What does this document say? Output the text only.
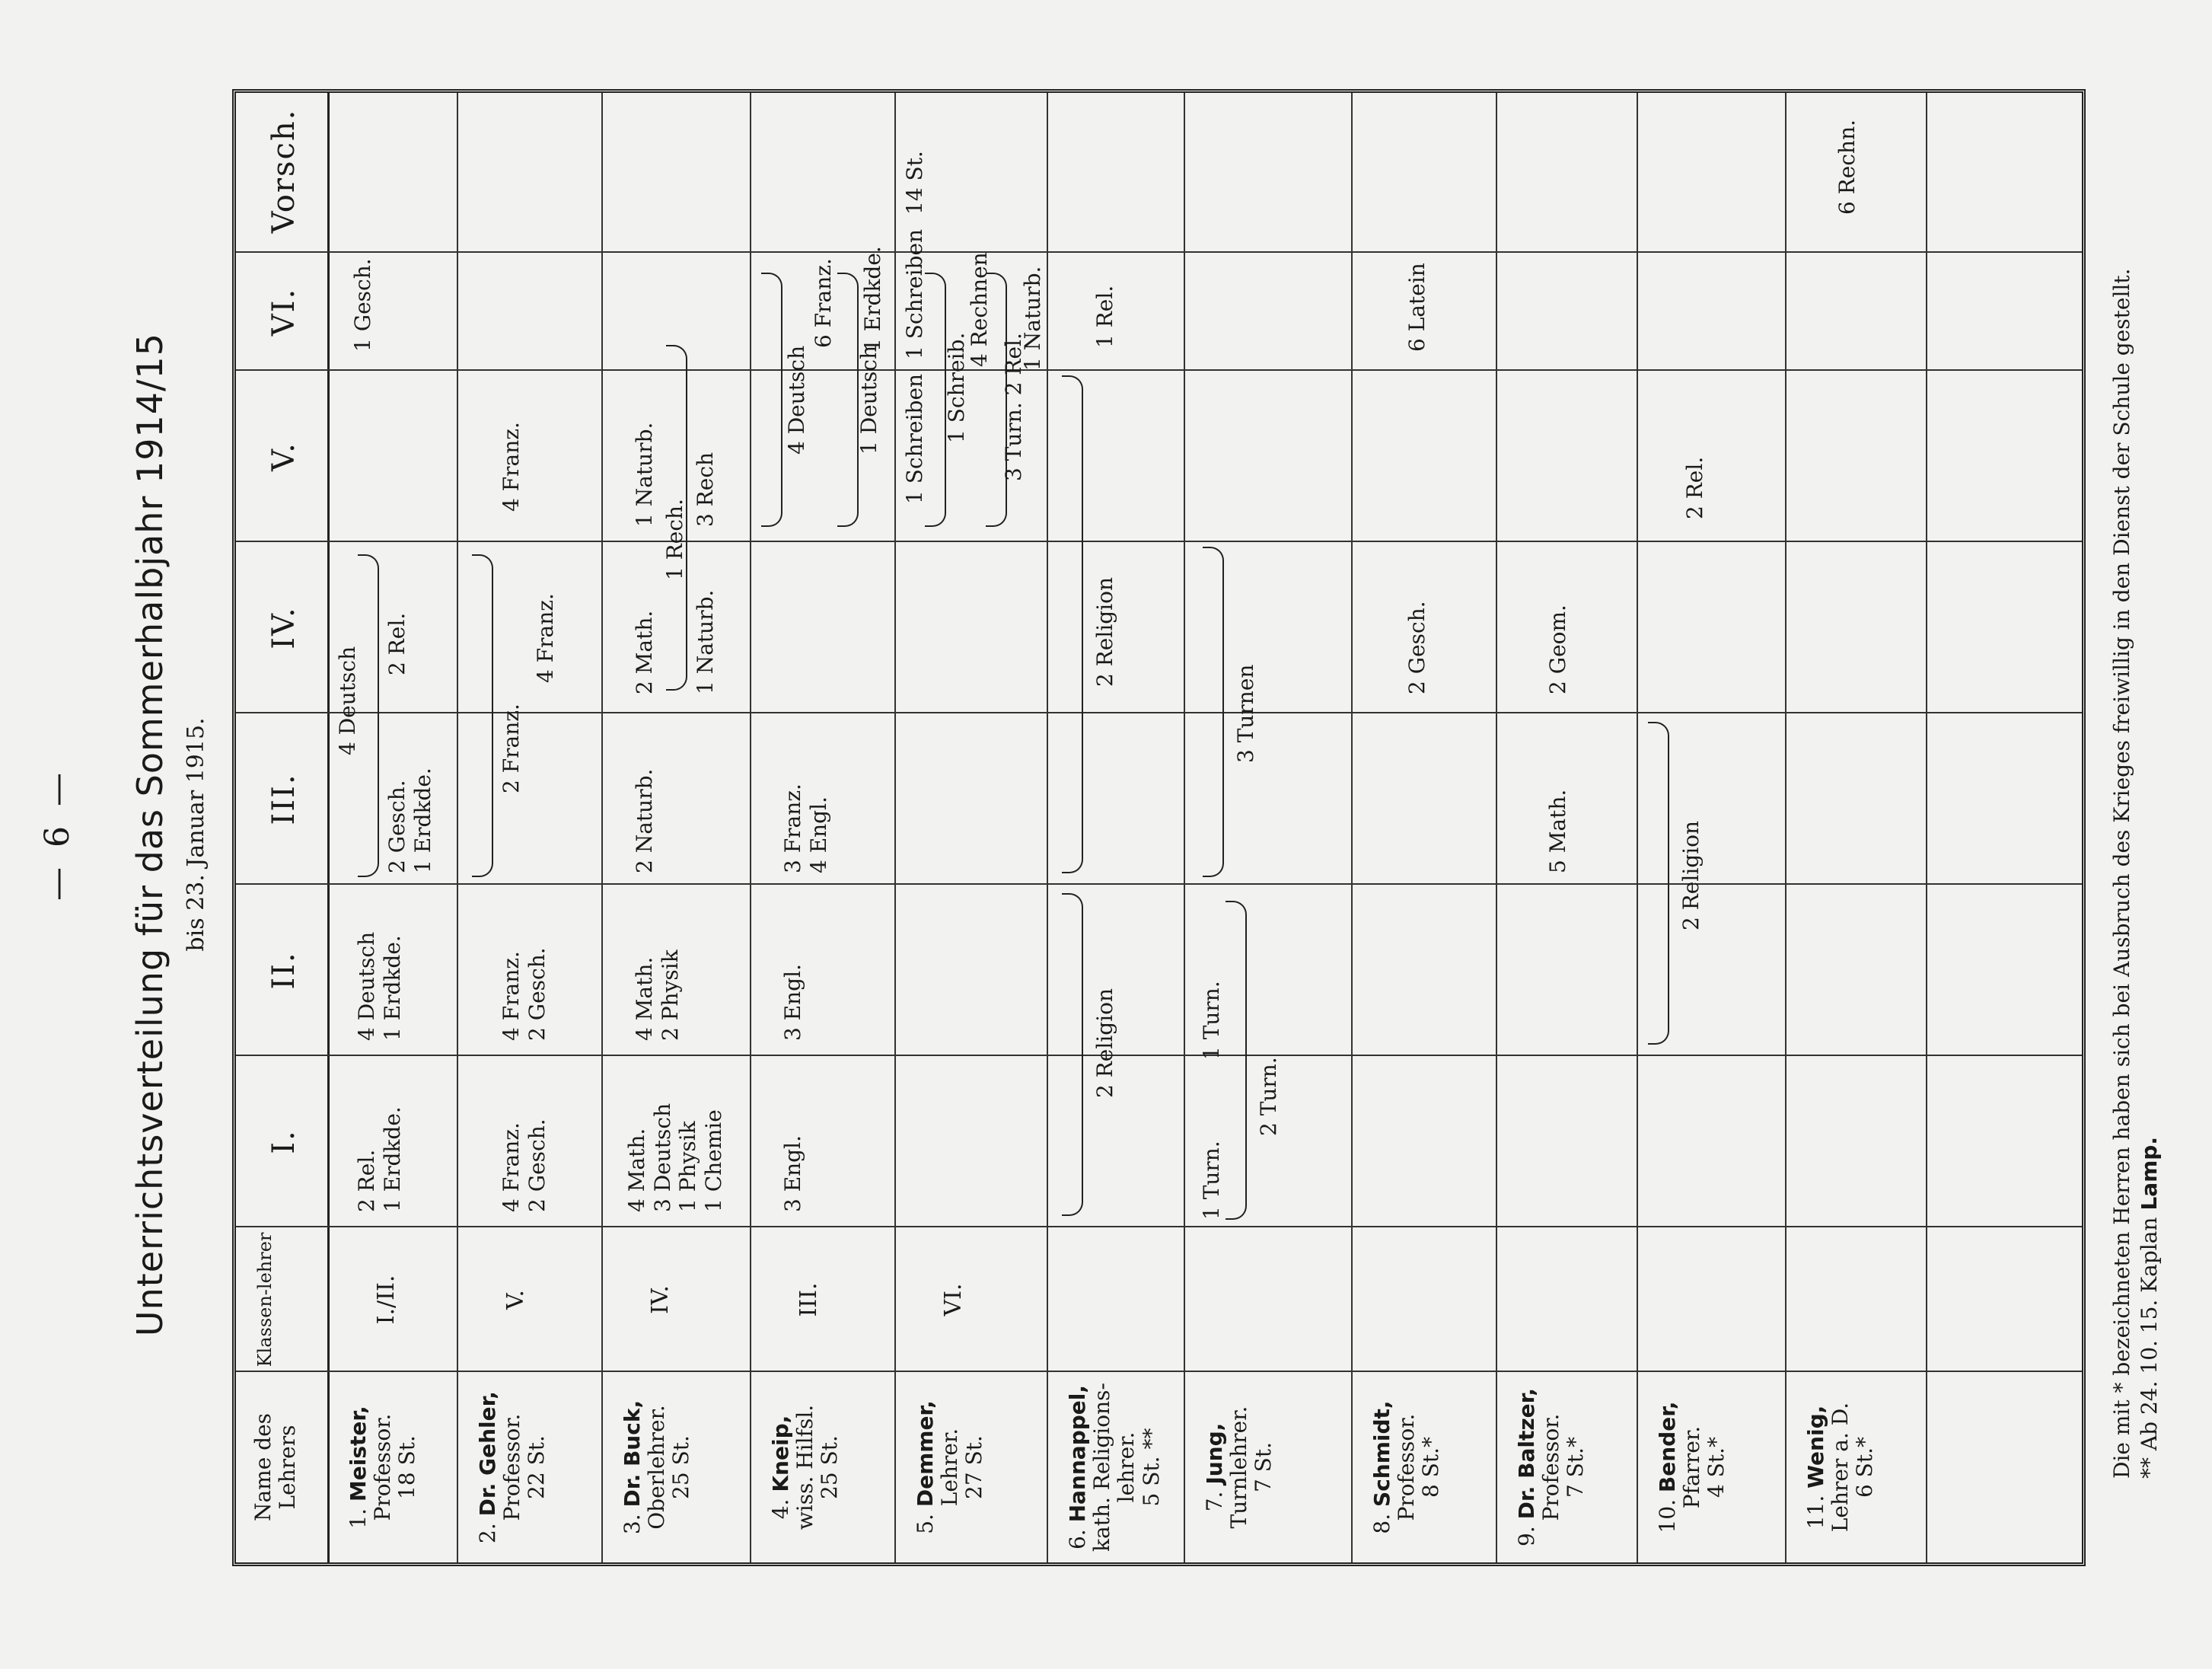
— 6 — Unterrichtsverteilung für das Sommerhalbjahr 1914/15 bis 23. Januar 1915.
Name des Lehrers
Klassen-lehrer
I.
II.
III.
IV.
V.
VI.
Vorsch.
1. Meister, Professor. 18 St.
I./II.
2. Dr. Gehler, Professor. 22 St.
V.
3. Dr. Buck, Oberlehrer. 25 St.
IV.
4. Kneip, wiss. Hilfsl. 25 St.
III.
5. Demmer, Lehrer. 27 St.
VI.
6. Hannappel, kath. Religions-lehrer. 5 St. ** 7. Jung, Turnlehrer. 7 St.
8. Schmidt, Professor. 8 St.*
9. Dr. Baltzer, Professor. 7 St.*
10. Bender, Pfarrer. 4 St.*
11. Wenig, Lehrer a. D. 6 St.*
2 Rel. 1 Erdkde.
4 Deutsch 1 Erdkde.
2 Gesch. 1 Erdkde.
4 Deutsch
2 Rel.
1 Gesch.
4 Franz. 2 Gesch.
4 Franz. 2 Gesch.
2 Franz.
4 Franz.
4 Franz.
4 Math. 3 Deutsch 1 Physik 1 Chemie
4 Math. 2 Physik
2 Naturb.
2 Math. 1 Naturb.
1 Rech.
1 Naturb. 3 Rech
3 Engl.
3 Engl.
3 Franz. 4 Engl.
4 Deutsch
6 Franz.
1 Deutsch
1 Erdkde.
1 Schreiben 1 Schreib.
1 Schreiben 4 Rechnen
3 Turn. 2 Rel.
1 Naturb.
14 St.
2 Religion
2 Religion
1 Rel.
1 Turn.
1 Turn.
2 Turn.
3 Turnen
2 Gesch.
6 Latein
5 Math.
2 Geom.
2 Religion
2 Rel.
6 Rechn.
Die mit * bezeichneten Herren haben sich bei Ausbruch des Krieges freiwillig in den Dienst der Schule gestellt. ** Ab 24. 10. 15. Kaplan Lamp.
